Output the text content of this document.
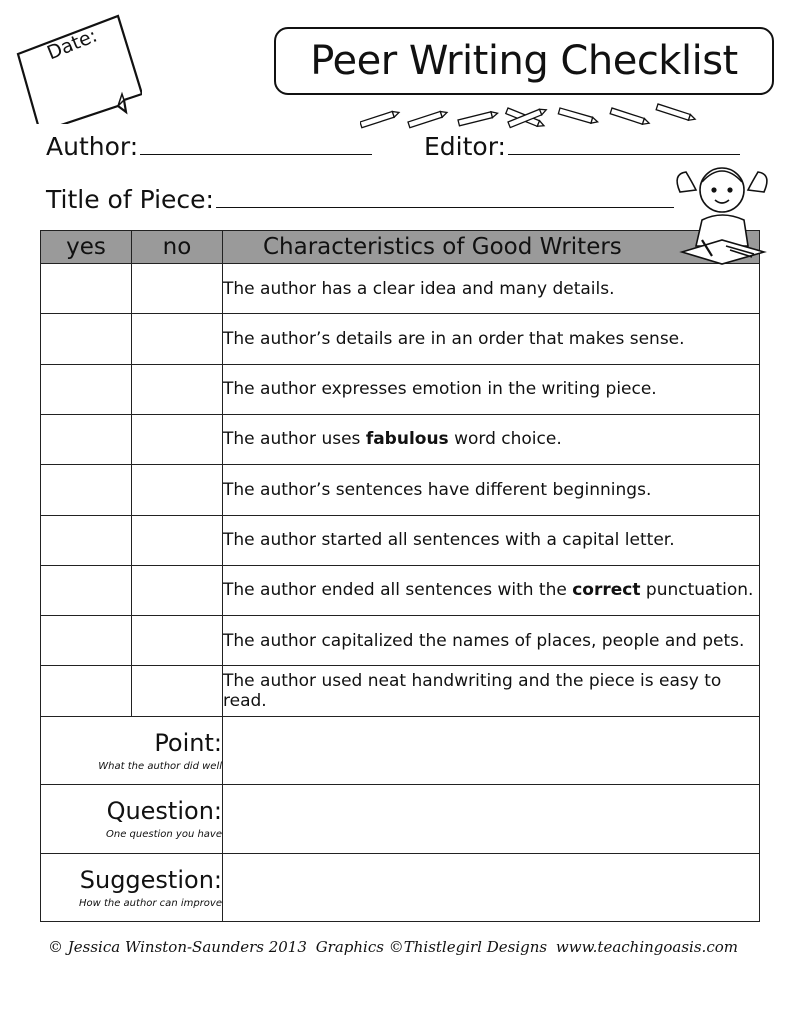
Date:	Peer Writing Checklist
Author:	Editor:
Title of Piece:
yes	no	Characteristics of Good Writers
		The author has a clear idea and many details.
		The author’s details are in an order that makes sense.
		The author expresses emotion in the writing piece.
		The author uses fabulous word choice.
		The author’s sentences have different beginnings.
		The author started all sentences with a capital letter.
		The author ended all sentences with the correct punctuation.
		The author capitalized the names of places, people and pets.
		The author used neat handwriting and the piece is easy to read.

Point:
What the author did well		

Question:
One question you have		

Suggestion:
How the author can improve		

© Jessica Winston-Saunders 2013 Graphics ©Thistlegirl Designs www.teachingoasis.com
